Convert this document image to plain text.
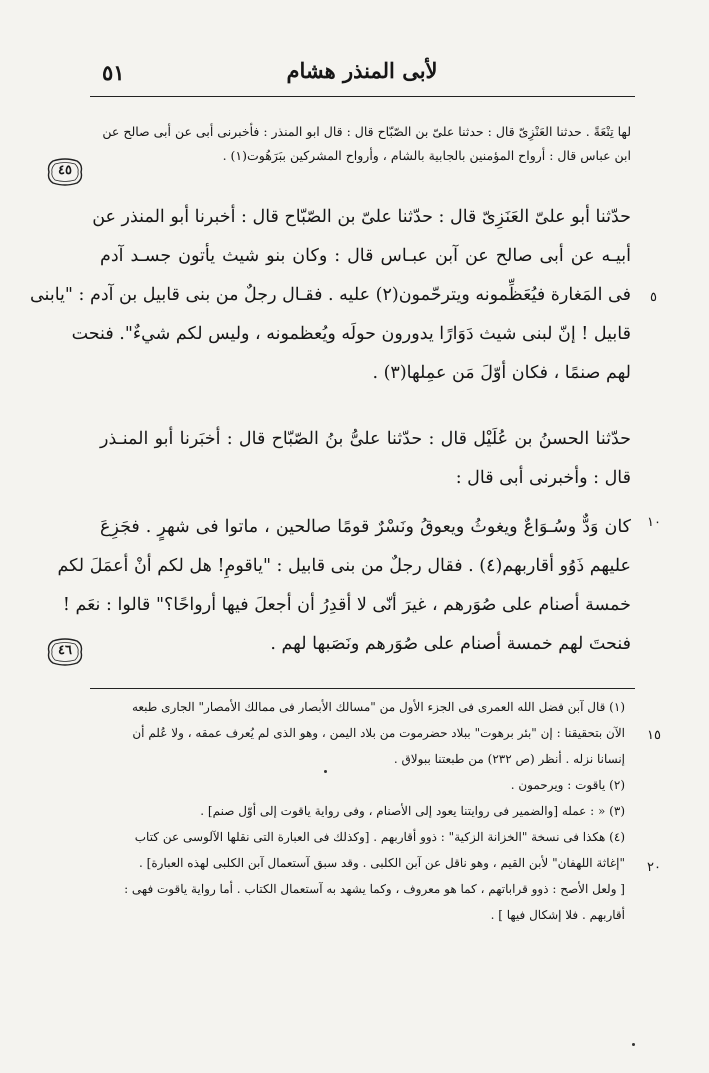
٥١	لأبى المنذر هشام
لها تِنْعَةً . حدثنا العَنْزِىّ قال : حدثنا علىّ بن الصّبّاح قال : قال ابو المنذر : فأخبرنى أبى عن أبى صالح عن
ابن عباس قال : أرواح المؤمنين بالجابية بالشام ، وأرواح المشركين ببَرَهُوت(١) .
حدّثنا أبو علىّ العَنَزِىّ قال : حدّثنا علىّ بن الصّبّاح قال : أخبرنا أبو المنذر عن
أبيـه عن أبى صالح عن آبن عبـاس قال : وكان بنو شيث يأتون جسـد آدم
فى المَغارة فيُعَظِّمونه ويترحّمون(٢) عليه . فقـال رجلٌ من بنى قابيل بن آدم : "يابنى
قابيل ! إنّ لبنى شيث دَوَارًا يدورون حولَه ويُعظمونه ، وليس لكم شيءٌ". فنحت
لهم صنمًا ، فكان أوّلَ مَن عمِلها(٣) .
حدّثنا الحسنُ بن عُلَيْل قال : حدّثنا علىُّ بنُ الصّبّاح قال : أخبَرنا أبو المنـذر
قال : وأخبرنى أبى قال :
كان وَدٌّ وسُـوَاعٌ ويغوثُ ويعوقُ ونَسْرٌ قومًا صالحين ، ماتوا فى شهرٍ . فجَزِعَ
عليهم ذَوُو أقاربهم(٤) . فقال رجلٌ من بنى قابيل : "ياقومِ! هل لكم أنْ أعمَلَ لكم
خمسة أصنام على صُوَرهم ، غيرَ أنّى لا أقدِرُ أن أجعلَ فيها أرواحًا؟" قالوا : نعَم !
فنحتَ لهم خمسة أصنام على صُوَرهم ونَصَبها لهم .
٤٥
٤٦
٥
١٠
١٥
٢٠
(١) قال آبن فضل الله العمرى فى الجزء الأول من "مسالك الأبصار فى ممالك الأمصار" الجارى طبعه
الآن بتحقيقنا : إن "بئر برهوت" ببلاد حضرموت من بلاد اليمن ، وهو الذى لم يُعرف عمقه ، ولا عُلم أن
إنسانا نزله . أنظر (ص ٢٣٢) من طبعتنا ببولاق .
(٢) ياقوت : ويرحمون .
(٣) « : عمله [والضمير فى روايتنا يعود إلى الأصنام ، وفى رواية ياقوت إلى أوّل صنم] .
(٤) هكذا فى نسخة "الخزانة الزكية" : ذوو أقاربهم . [وكذلك فى العبارة التى نقلها الآلوسى عن كتاب
"إغاثة اللهفان" لأبن القيم ، وهو ناقل عن آبن الكلبى . وقد سبق آستعمال آبن الكلبى لهذه العبارة] .
[ ولعل الأصح : ذوو قراباتهم ، كما هو معروف ، وكما يشهد به آستعمال الكتاب . أما رواية ياقوت فهى :
أقاربهم . فلا إشكال فيها ] .
